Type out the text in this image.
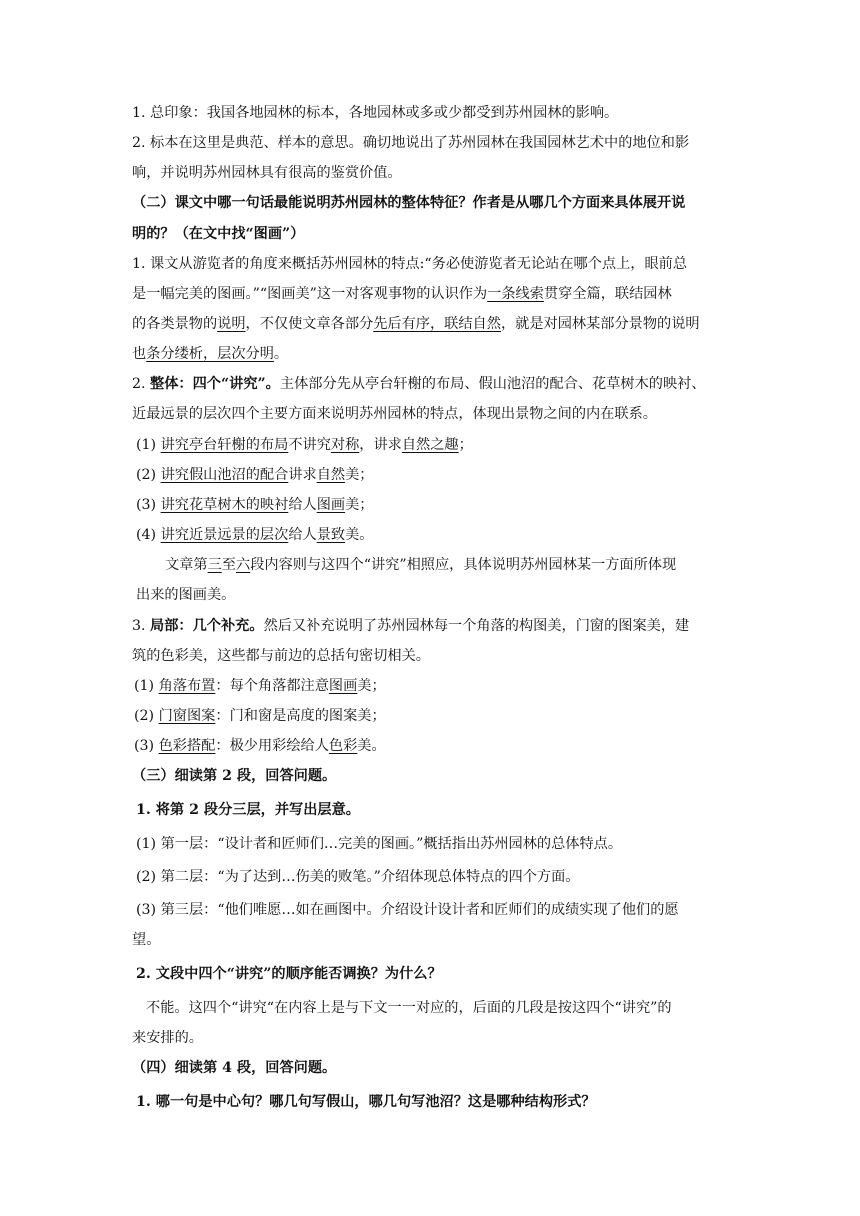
1. 总印象：我国各地园林的标本，各地园林或多或少都受到苏州园林的影响。
2. 标本在这里是典范、样本的意思。确切地说出了苏州园林在我国园林艺术中的地位和影
响，并说明苏州园林具有很高的鉴赏价值。
（二）课文中哪一句话最能说明苏州园林的整体特征？作者是从哪几个方面来具体展开说
明的？（在文中找“图画”）
1. 课文从游览者的角度来概括苏州园林的特点:“务必使游览者无论站在哪个点上，眼前总
是一幅完美的图画。”“图画美”这一对客观事物的认识作为一条线索贯穿全篇，联结园林
的各类景物的说明，不仅使文章各部分先后有序，联结自然，就是对园林某部分景物的说明
也条分缕析，层次分明。
2. 整体：四个“讲究”。主体部分先从亭台轩榭的布局、假山池沼的配合、花草树木的映衬、
近最远景的层次四个主要方面来说明苏州园林的特点，体现出景物之间的内在联系。
(1) 讲究亭台轩榭的布局不讲究对称，讲求自然之趣；
(2) 讲究假山池沼的配合讲求自然美；
(3) 讲究花草树木的映衬给人图画美；
(4) 讲究近景远景的层次给人景致美。
文章第三至六段内容则与这四个“讲究”相照应，具体说明苏州园林某一方面所体现
出来的图画美。
3. 局部：几个补充。然后又补充说明了苏州园林每一个角落的构图美，门窗的图案美，建
筑的色彩美，这些都与前边的总括句密切相关。
(1) 角落布置：每个角落都注意图画美；
(2) 门窗图案：门和窗是高度的图案美；
(3) 色彩搭配：极少用彩绘给人色彩美。
（三）细读第 2 段，回答问题。
1. 将第 2 段分三层，并写出层意。
(1) 第一层：“设计者和匠师们…完美的图画。”概括指出苏州园林的总体特点。
(2) 第二层：“为了达到…伤美的败笔。”介绍体现总体特点的四个方面。
(3) 第三层：“他们唯愿…如在画图中。介绍设计设计者和匠师们的成绩实现了他们的愿
望。
2. 文段中四个“讲究”的顺序能否调换？为什么？
不能。这四个“讲究“在内容上是与下文一一对应的，后面的几段是按这四个“讲究”的
来安排的。
（四）细读第 4 段，回答问题。
1. 哪一句是中心句？哪几句写假山，哪几句写池沼？这是哪种结构形式？
